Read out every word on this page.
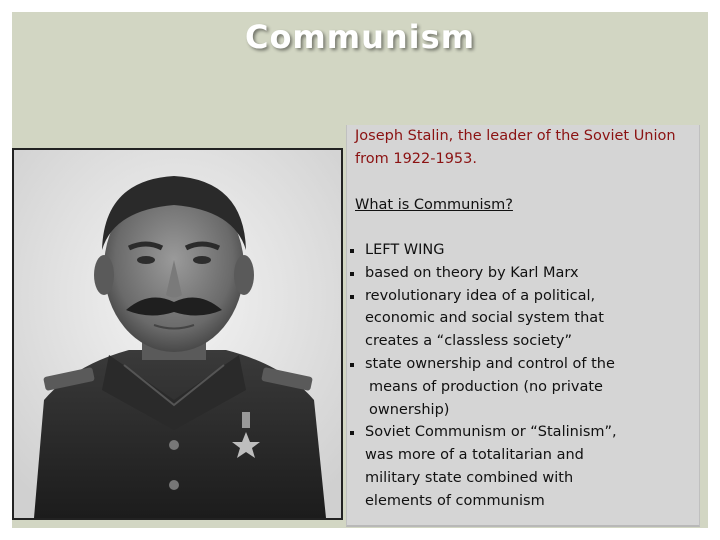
Communism
Joseph Stalin, the leader of the Soviet Union
from 1922-1953.
What is Communism?
LEFT WING
based on theory by Karl Marx
revolutionary idea of a political,
economic and social system that
creates a “classless society”
state ownership and control of the
means of production (no private
ownership)
Soviet Communism or “Stalinism”,
was more of a totalitarian and
military state combined with
elements of communism
